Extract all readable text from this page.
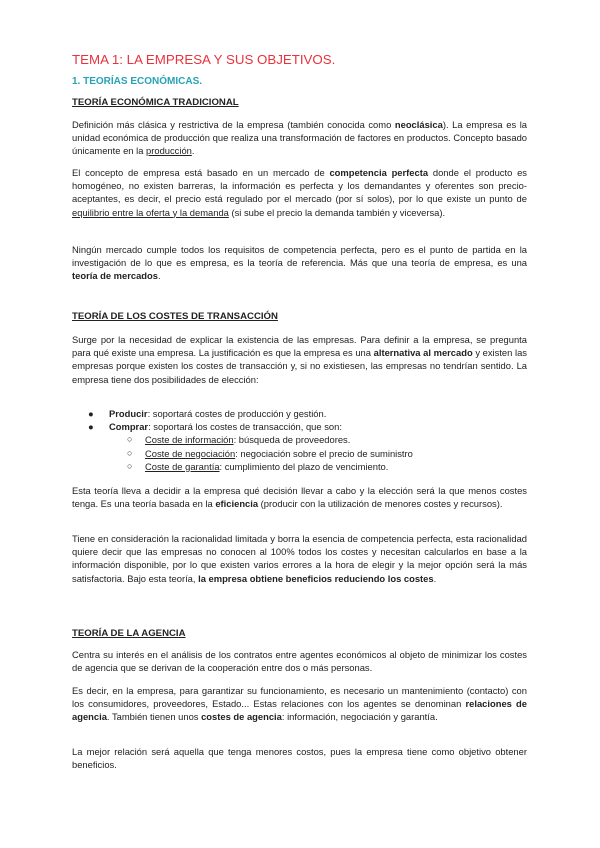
TEMA 1: LA EMPRESA Y SUS OBJETIVOS.
1. TEORÍAS ECONÓMICAS.
TEORÍA ECONÓMICA TRADICIONAL

Definición más clásica y restrictiva de la empresa (también conocida como neoclásica). La empresa es la unidad económica de producción que realiza una transformación de factores en productos. Concepto basado únicamente en la producción.

El concepto de empresa está basado en un mercado de competencia perfecta donde el producto es homogéneo, no existen barreras, la información es perfecta y los demandantes y oferentes son precio-aceptantes, es decir, el precio está regulado por el mercado (por sí solos), por lo que existe un punto de equilibrio entre la oferta y la demanda (si sube el precio la demanda también y viceversa).

Ningún mercado cumple todos los requisitos de competencia perfecta, pero es el punto de partida en la investigación de lo que es empresa, es la teoría de referencia. Más que una teoría de empresa, es una teoría de mercados.

TEORÍA DE LOS COSTES DE TRANSACCIÓN

Surge por la necesidad de explicar la existencia de las empresas. Para definir a la empresa, se pregunta para qué existe una empresa. La justificación es que la empresa es una alternativa al mercado y existen las empresas porque existen los costes de transacción y, si no existiesen, las empresas no tendrían sentido. La empresa tiene dos posibilidades de elección:

● Producir: soportará costes de producción y gestión.
● Comprar: soportará los costes de transacción, que son:
○ Coste de información: búsqueda de proveedores.
○ Coste de negociación: negociación sobre el precio de suministro
○ Coste de garantía: cumplimiento del plazo de vencimiento.

Esta teoría lleva a decidir a la empresa qué decisión llevar a cabo y la elección será la que menos costes tenga. Es una teoría basada en la eficiencia (producir con la utilización de menores costes y recursos).

Tiene en consideración la racionalidad limitada y borra la esencia de competencia perfecta, esta racionalidad quiere decir que las empresas no conocen al 100% todos los costes y necesitan calcularlos en base a la información disponible, por lo que existen varios errores a la hora de elegir y la mejor opción será la más satisfactoria. Bajo esta teoría, la empresa obtiene beneficios reduciendo los costes.

TEORÍA DE LA AGENCIA

Centra su interés en el análisis de los contratos entre agentes económicos al objeto de minimizar los costes de agencia que se derivan de la cooperación entre dos o más personas.

Es decir, en la empresa, para garantizar su funcionamiento, es necesario un mantenimiento (contacto) con los consumidores, proveedores, Estado... Estas relaciones con los agentes se denominan relaciones de agencia. También tienen unos costes de agencia: información, negociación y garantía.

La mejor relación será aquella que tenga menores costos, pues la empresa tiene como objetivo obtener beneficios.
